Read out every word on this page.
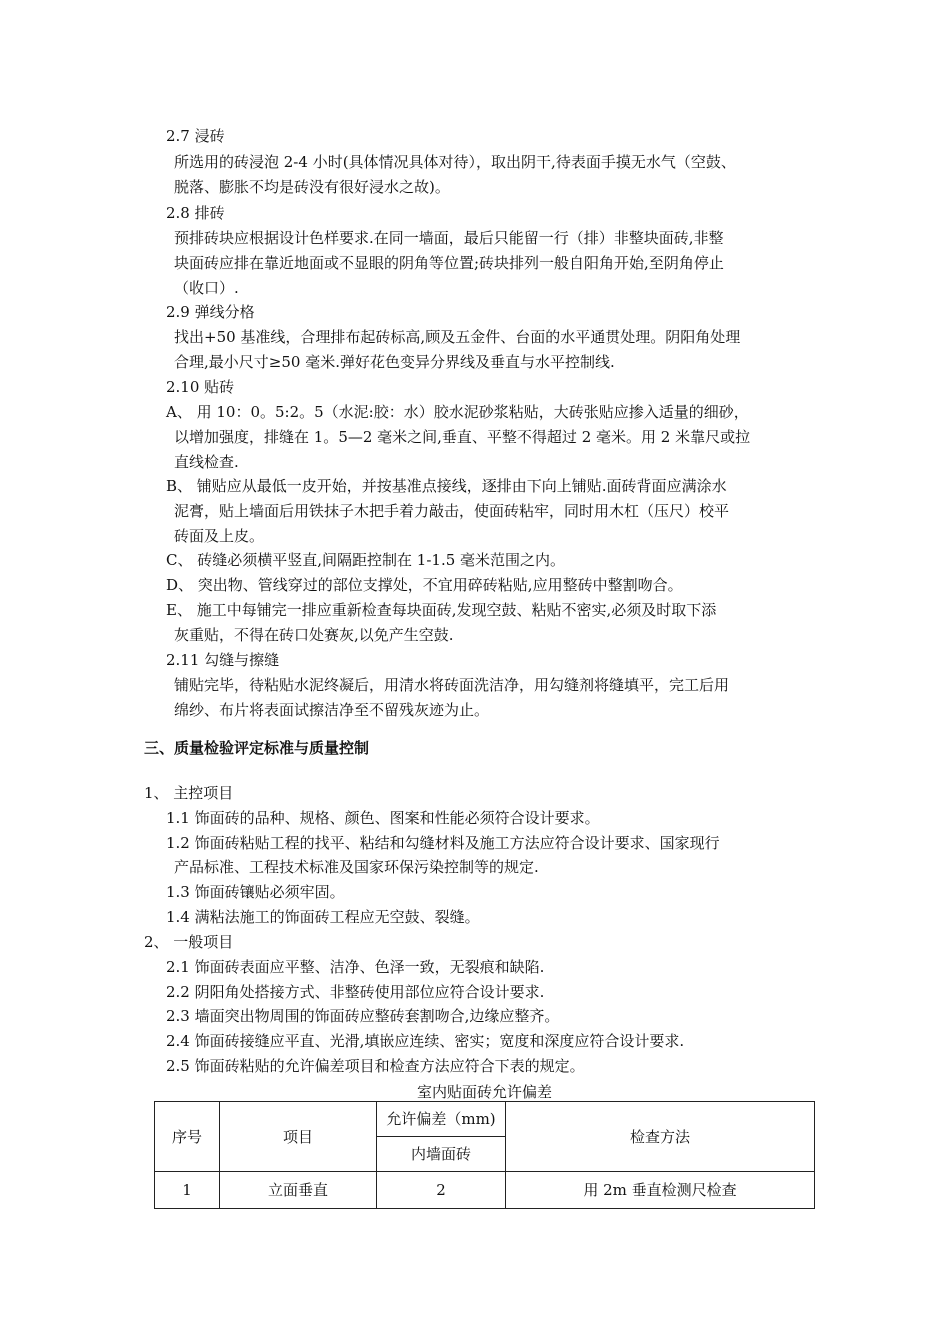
2.7 浸砖
所选用的砖浸泡 2-4 小时(具体情况具体对待），取出阴干,待表面手摸无水气（空鼓、
脱落、膨胀不均是砖没有很好浸水之故)。
2.8 排砖
预排砖块应根据设计色样要求.在同一墙面，最后只能留一行（排）非整块面砖,非整
块面砖应排在靠近地面或不显眼的阴角等位置;砖块排列一般自阳角开始,至阴角停止
（收口）.
2.9 弹线分格
找出+50 基准线，合理排布起砖标高,顾及五金件、台面的水平通贯处理。阴阳角处理
合理,最小尺寸≥50 毫米.弹好花色变异分界线及垂直与水平控制线.
2.10 贴砖
A、 用 10：0。5:2。5（水泥:胶：水）胶水泥砂浆粘贴，大砖张贴应掺入适量的细砂，
以增加强度，排缝在 1。5—2 毫米之间,垂直、平整不得超过 2 毫米。用 2 米靠尺或拉
直线检查.
B、 铺贴应从最低一皮开始，并按基准点接线，逐排由下向上铺贴.面砖背面应满涂水
泥膏，贴上墙面后用铁抹子木把手着力敲击，使面砖粘牢，同时用木杠（压尺）校平
砖面及上皮。
C、 砖缝必须横平竖直,间隔距控制在 1-1.5 毫米范围之内。
D、 突出物、管线穿过的部位支撑处，不宜用碎砖粘贴,应用整砖中整割吻合。
E、 施工中每铺完一排应重新检查每块面砖,发现空鼓、粘贴不密实,必须及时取下添
灰重贴，不得在砖口处赛灰,以免产生空鼓.
2.11 勾缝与擦缝
铺贴完毕，待粘贴水泥终凝后，用清水将砖面洗洁净，用勾缝剂将缝填平，完工后用
绵纱、布片将表面试擦洁净至不留残灰迹为止。
三、质量检验评定标准与质量控制
1、 主控项目
1.1 饰面砖的品种、规格、颜色、图案和性能必须符合设计要求。
1.2 饰面砖粘贴工程的找平、粘结和勾缝材料及施工方法应符合设计要求、国家现行
产品标准、工程技术标准及国家环保污染控制等的规定.
1.3 饰面砖镶贴必须牢固。
1.4 满粘法施工的饰面砖工程应无空鼓、裂缝。
2、 一般项目
2.1 饰面砖表面应平整、洁净、色泽一致，无裂痕和缺陷.
2.2 阴阳角处搭接方式、非整砖使用部位应符合设计要求.
2.3 墙面突出物周围的饰面砖应整砖套割吻合,边缘应整齐。
2.4 饰面砖接缝应平直、光滑,填嵌应连续、密实；宽度和深度应符合设计要求.
2.5 饰面砖粘贴的允许偏差项目和检查方法应符合下表的规定。
室内贴面砖允许偏差
序号	项目	允许偏差（mm)	检查方法
		内墙面砖	
1	立面垂直	2	用 2m 垂直检测尺检查
